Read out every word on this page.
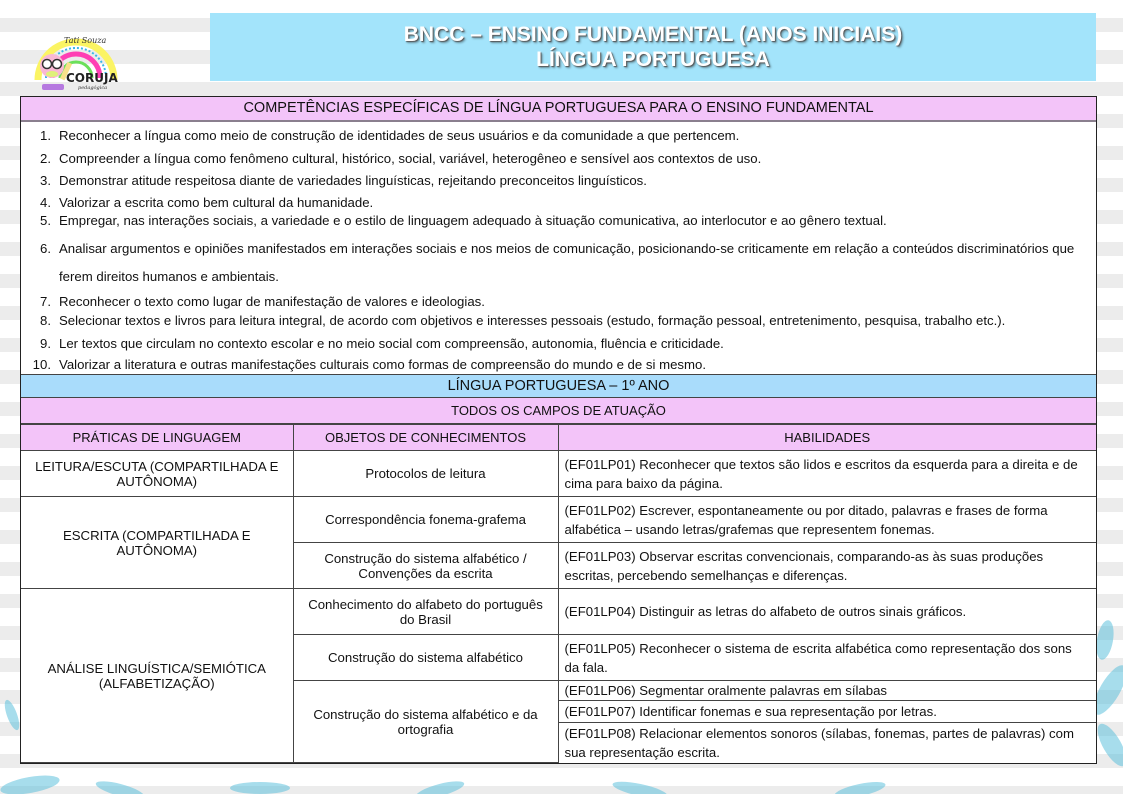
CORUJA
pedagógica
Tati Souza	BNCC – ENSINO FUNDAMENTAL (ANOS INICIAIS)
LÍNGUA PORTUGUESA
COMPETÊNCIAS ESPECÍFICAS DE LÍNGUA PORTUGUESA PARA O ENSINO FUNDAMENTAL
1. Reconhecer a língua como meio de construção de identidades de seus usuários e da comunidade a que pertencem.
2. Compreender a língua como fenômeno cultural, histórico, social, variável, heterogêneo e sensível aos contextos de uso.
3. Demonstrar atitude respeitosa diante de variedades linguísticas, rejeitando preconceitos linguísticos.
4. Valorizar a escrita como bem cultural da humanidade.
5. Empregar, nas interações sociais, a variedade e o estilo de linguagem adequado à situação comunicativa, ao interlocutor e ao gênero textual.
6. Analisar argumentos e opiniões manifestados em interações sociais e nos meios de comunicação, posicionando-se criticamente em relação a conteúdos discriminatórios que ferem direitos humanos e ambientais.
7. Reconhecer o texto como lugar de manifestação de valores e ideologias.
8. Selecionar textos e livros para leitura integral, de acordo com objetivos e interesses pessoais (estudo, formação pessoal, entretenimento, pesquisa, trabalho etc.).
9. Ler textos que circulam no contexto escolar e no meio social com compreensão, autonomia, fluência e criticidade.
10. Valorizar a literatura e outras manifestações culturais como formas de compreensão do mundo e de si mesmo.
LÍNGUA PORTUGUESA – 1º ANO
TODOS OS CAMPOS DE ATUAÇÃO
PRÁTICAS DE LINGUAGEM	OBJETOS DE CONHECIMENTOS	HABILIDADES
LEITURA/ESCUTA (COMPARTILHADA E AUTÔNOMA)	Protocolos de leitura	(EF01LP01) Reconhecer que textos são lidos e escritos da esquerda para a direita e de cima para baixo da página.
ESCRITA (COMPARTILHADA E AUTÔNOMA)	Correspondência fonema-grafema	(EF01LP02) Escrever, espontaneamente ou por ditado, palavras e frases de forma alfabética – usando letras/grafemas que representem fonemas.
	Construção do sistema alfabético / Convenções da escrita	(EF01LP03) Observar escritas convencionais, comparando-as às suas produções escritas, percebendo semelhanças e diferenças.
ANÁLISE LINGUÍSTICA/SEMIÓTICA (ALFABETIZAÇÃO)	Conhecimento do alfabeto do português do Brasil	(EF01LP04) Distinguir as letras do alfabeto de outros sinais gráficos.
	Construção do sistema alfabético	(EF01LP05) Reconhecer o sistema de escrita alfabética como representação dos sons da fala.
	Construção do sistema alfabético e da ortografia	(EF01LP06) Segmentar oralmente palavras em sílabas
		(EF01LP07) Identificar fonemas e sua representação por letras.
		(EF01LP08) Relacionar elementos sonoros (sílabas, fonemas, partes de palavras) com sua representação escrita.
